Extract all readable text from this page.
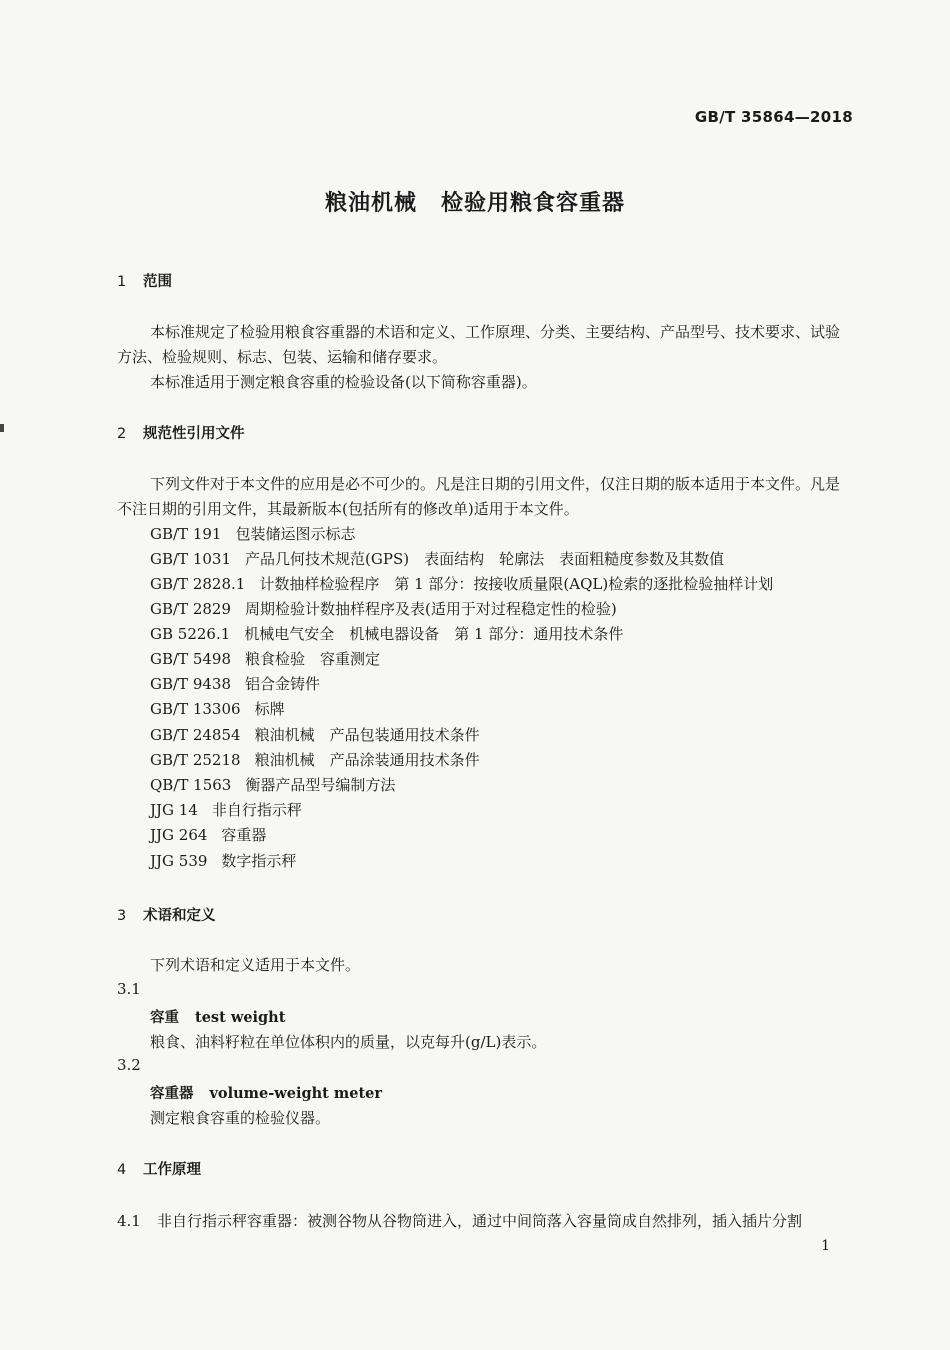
GB/T 35864—2018
粮油机械 检验用粮食容重器
1 范围
本标准规定了检验用粮食容重器的术语和定义、工作原理、分类、主要结构、产品型号、技术要求、试验方法、检验规则、标志、包装、运输和储存要求。
本标准适用于测定粮食容重的检验设备(以下简称容重器)。
2 规范性引用文件
下列文件对于本文件的应用是必不可少的。凡是注日期的引用文件，仅注日期的版本适用于本文件。凡是不注日期的引用文件，其最新版本(包括所有的修改单)适用于本文件。
GB/T 191 包装储运图示标志
GB/T 1031 产品几何技术规范(GPS)　表面结构　轮廓法　表面粗糙度参数及其数值
GB/T 2828.1 计数抽样检验程序　第 1 部分：按接收质量限(AQL)检索的逐批检验抽样计划
GB/T 2829 周期检验计数抽样程序及表(适用于对过程稳定性的检验)
GB 5226.1 机械电气安全　机械电器设备　第 1 部分：通用技术条件
GB/T 5498 粮食检验　容重测定
GB/T 9438 铝合金铸件
GB/T 13306 标牌
GB/T 24854 粮油机械　产品包装通用技术条件
GB/T 25218 粮油机械　产品涂装通用技术条件
QB/T 1563 衡器产品型号编制方法
JJG 14 非自行指示秤
JJG 264 容重器
JJG 539 数字指示秤
3 术语和定义
下列术语和定义适用于本文件。
3.1
容重 test weight
粮食、油料籽粒在单位体积内的质量，以克每升(g/L)表示。
3.2
容重器 volume-weight meter
测定粮食容重的检验仪器。
4 工作原理
4.1 非自行指示秤容重器：被测谷物从谷物筒进入，通过中间筒落入容量筒成自然排列，插入插片分割
1
